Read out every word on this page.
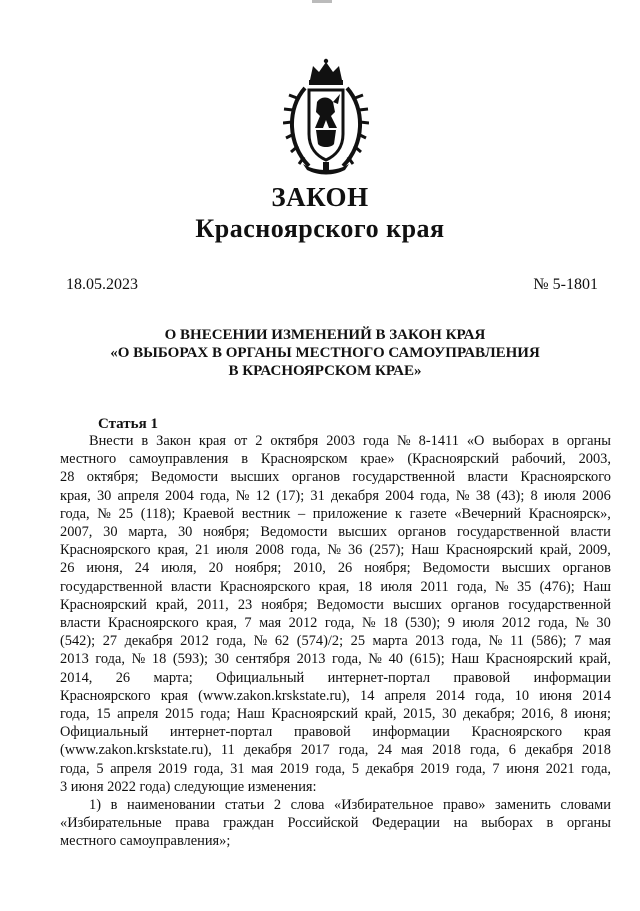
ЗАКОН
Красноярского края
18.05.2023	№ 5-1801
О ВНЕСЕНИИ ИЗМЕНЕНИЙ В ЗАКОН КРАЯ
«О ВЫБОРАХ В ОРГАНЫ МЕСТНОГО САМОУПРАВЛЕНИЯ
В КРАСНОЯРСКОМ КРАЕ»
Статья 1
Внести в Закон края от 2 октября 2003 года № 8-1411 «О выборах в органы
местного самоуправления в Красноярском крае» (Красноярский рабочий, 2003,
28 октября; Ведомости высших органов государственной власти Красноярского
края, 30 апреля 2004 года, № 12 (17); 31 декабря 2004 года, № 38 (43); 8 июля 2006
года, № 25 (118); Краевой вестник – приложение к газете «Вечерний Красноярск»,
2007, 30 марта, 30 ноября; Ведомости высших органов государственной власти
Красноярского края, 21 июля 2008 года, № 36 (257); Наш Красноярский край, 2009,
26 июня, 24 июля, 20 ноября; 2010, 26 ноября; Ведомости высших органов
государственной власти Красноярского края, 18 июля 2011 года, № 35 (476); Наш
Красноярский край, 2011, 23 ноября; Ведомости высших органов государственной
власти Красноярского края, 7 мая 2012 года, № 18 (530); 9 июля 2012 года, № 30
(542); 27 декабря 2012 года, № 62 (574)/2; 25 марта 2013 года, № 11 (586); 7 мая
2013 года, № 18 (593); 30 сентября 2013 года, № 40 (615); Наш Красноярский край,
2014, 26 марта; Официальный интернет-портал правовой информации
Красноярского края (www.zakon.krskstate.ru), 14 апреля 2014 года, 10 июня 2014
года, 15 апреля 2015 года; Наш Красноярский край, 2015, 30 декабря; 2016, 8 июня;
Официальный интернет-портал правовой информации Красноярского края
(www.zakon.krskstate.ru), 11 декабря 2017 года, 24 мая 2018 года, 6 декабря 2018
года, 5 апреля 2019 года, 31 мая 2019 года, 5 декабря 2019 года, 7 июня 2021 года,
3 июня 2022 года) следующие изменения:
1) в наименовании статьи 2 слова «Избирательное право» заменить словами
«Избирательные права граждан Российской Федерации на выборах в органы
местного самоуправления»;
